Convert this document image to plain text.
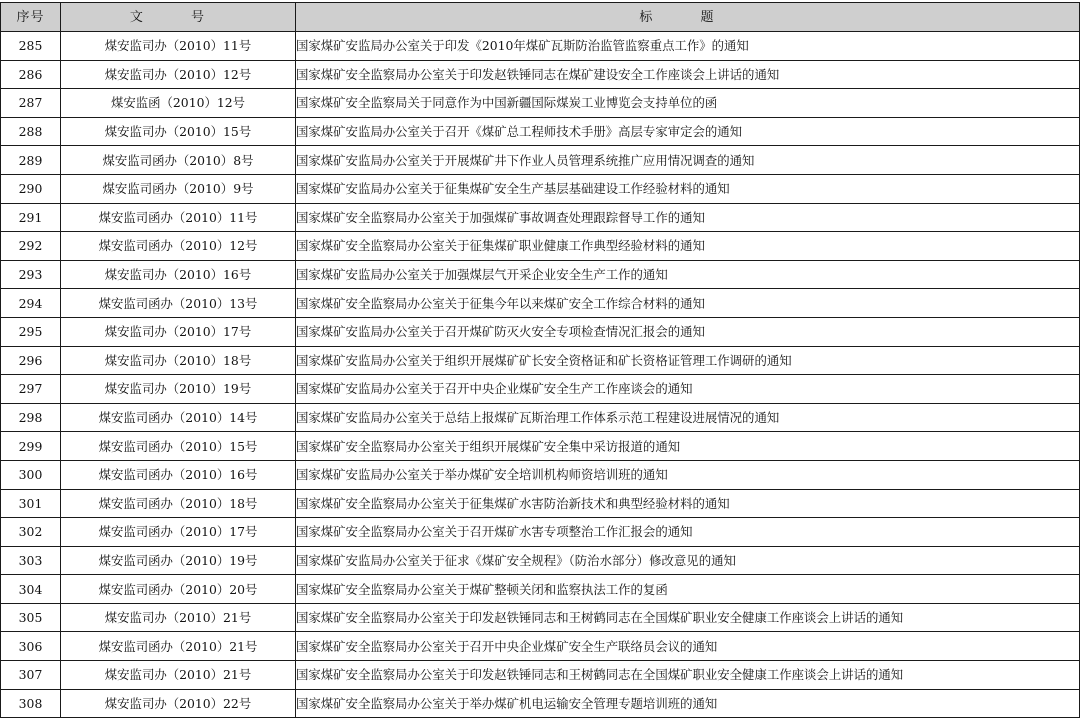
序号	文 号	标 题
285	煤安监司办（2010）11号	国家煤矿安监局办公室关于印发《2010年煤矿瓦斯防治监管监察重点工作》的通知
286	煤安监司办（2010）12号	国家煤矿安全监察局办公室关于印发赵铁锤同志在煤矿建设安全工作座谈会上讲话的通知
287	煤安监函（2010）12号	国家煤矿安全监察局关于同意作为中国新疆国际煤炭工业博览会支持单位的函
288	煤安监司办（2010）15号	国家煤矿安监局办公室关于召开《煤矿总工程师技术手册》高层专家审定会的通知
289	煤安监司函办（2010）8号	国家煤矿安监局办公室关于开展煤矿井下作业人员管理系统推广应用情况调查的通知
290	煤安监司函办（2010）9号	国家煤矿安监局办公室关于征集煤矿安全生产基层基础建设工作经验材料的通知
291	煤安监司函办（2010）11号	国家煤矿安全监察局办公室关于加强煤矿事故调查处理跟踪督导工作的通知
292	煤安监司函办（2010）12号	国家煤矿安全监察局办公室关于征集煤矿职业健康工作典型经验材料的通知
293	煤安监司办（2010）16号	国家煤矿安监局办公室关于加强煤层气开采企业安全生产工作的通知
294	煤安监司函办（2010）13号	国家煤矿安全监察局办公室关于征集今年以来煤矿安全工作综合材料的通知
295	煤安监司办（2010）17号	国家煤矿安监局办公室关于召开煤矿防灭火安全专项检查情况汇报会的通知
296	煤安监司办（2010）18号	国家煤矿安监局办公室关于组织开展煤矿矿长安全资格证和矿长资格证管理工作调研的通知
297	煤安监司办（2010）19号	国家煤矿安监局办公室关于召开中央企业煤矿安全生产工作座谈会的通知
298	煤安监司函办（2010）14号	国家煤矿安监局办公室关于总结上报煤矿瓦斯治理工作体系示范工程建设进展情况的通知
299	煤安监司函办（2010）15号	国家煤矿安全监察局办公室关于组织开展煤矿安全集中采访报道的通知
300	煤安监司函办（2010）16号	国家煤矿安监局办公室关于举办煤矿安全培训机构师资培训班的通知
301	煤安监司函办（2010）18号	国家煤矿安全监察局办公室关于征集煤矿水害防治新技术和典型经验材料的通知
302	煤安监司函办（2010）17号	国家煤矿安全监察局办公室关于召开煤矿水害专项整治工作汇报会的通知
303	煤安监司函办（2010）19号	国家煤矿安监局办公室关于征求《煤矿安全规程》（防治水部分）修改意见的通知
304	煤安监司函办（2010）20号	国家煤矿安全监察局办公室关于煤矿整顿关闭和监察执法工作的复函
305	煤安监司办（2010）21号	国家煤矿安全监察局办公室关于印发赵铁锤同志和王树鹤同志在全国煤矿职业安全健康工作座谈会上讲话的通知
306	煤安监司函办（2010）21号	国家煤矿安全监察局办公室关于召开中央企业煤矿安全生产联络员会议的通知
307	煤安监司办（2010）21号	国家煤矿安全监察局办公室关于印发赵铁锤同志和王树鹤同志在全国煤矿职业安全健康工作座谈会上讲话的通知
308	煤安监司办（2010）22号	国家煤矿安全监察局办公室关于举办煤矿机电运输安全管理专题培训班的通知
